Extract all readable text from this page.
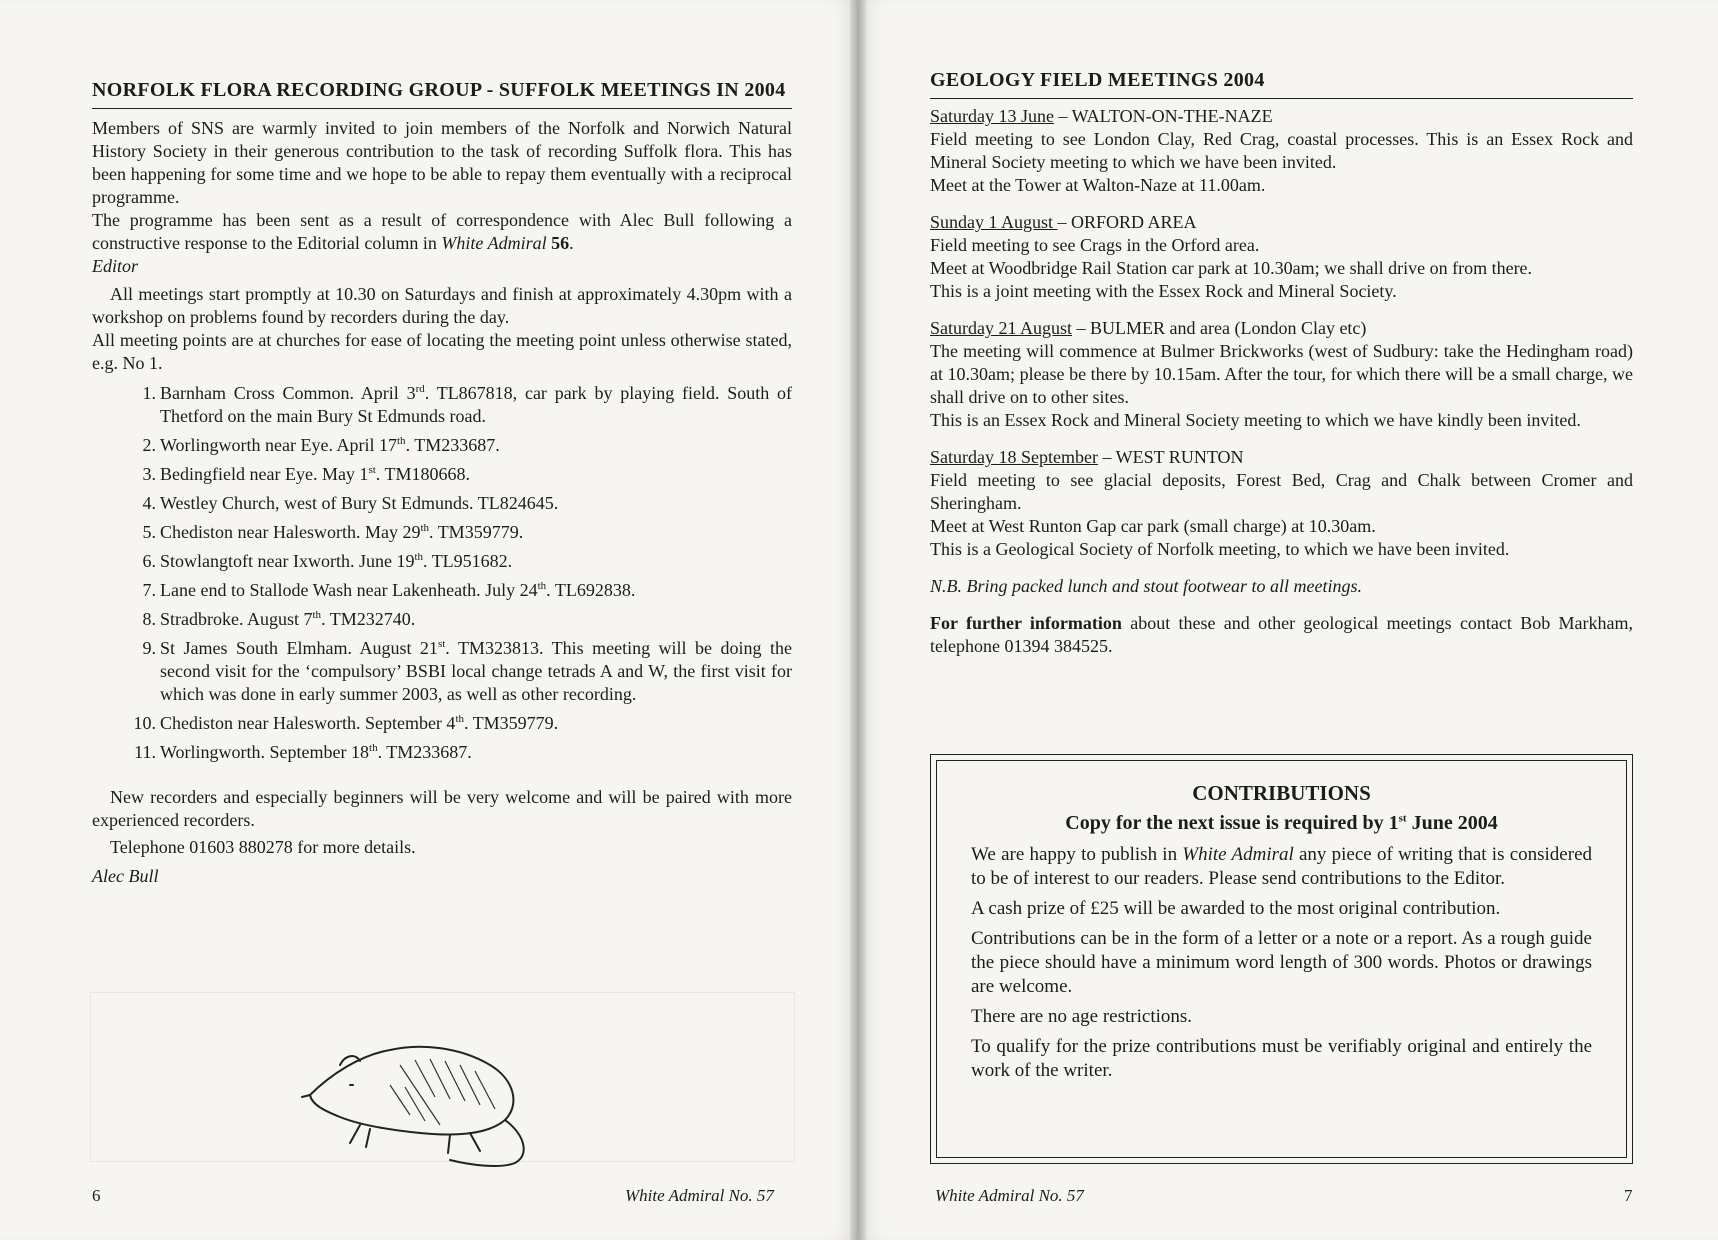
NORFOLK FLORA RECORDING GROUP - SUFFOLK MEETINGS IN 2004

Members of SNS are warmly invited to join members of the Norfolk and Norwich Natural History Society in their generous contribution to the task of recording Suffolk flora. This has been happening for some time and we hope to be able to repay them eventually with a reciprocal programme.

The programme has been sent as a result of correspondence with Alec Bull following a constructive response to the Editorial column in White Admiral 56.

Editor

All meetings start promptly at 10.30 on Saturdays and finish at approximately 4.30pm with a workshop on problems found by recorders during the day.

All meeting points are at churches for ease of locating the meeting point unless otherwise stated, e.g. No 1.

1. Barnham Cross Common. April 3rd. TL867818, car park by playing field. South of Thetford on the main Bury St Edmunds road.
2. Worlingworth near Eye. April 17th. TM233687.
3. Bedingfield near Eye. May 1st. TM180668.
4. Westley Church, west of Bury St Edmunds. TL824645.
5. Chediston near Halesworth. May 29th. TM359779.
6. Stowlangtoft near Ixworth. June 19th. TL951682.
7. Lane end to Stallode Wash near Lakenheath. July 24th. TL692838.
8. Stradbroke. August 7th. TM232740.
9. St James South Elmham. August 21st. TM323813. This meeting will be doing the second visit for the ‘compulsory’ BSBI local change tetrads A and W, the first visit for which was done in early summer 2003, as well as other recording.
10. Chediston near Halesworth. September 4th. TM359779.
11. Worlingworth. September 18th. TM233687.

New recorders and especially beginners will be very welcome and will be paired with more experienced recorders.

Telephone 01603 880278 for more details.

Alec Bull

6	White Admiral No. 57
GEOLOGY FIELD MEETINGS 2004
Saturday 13 June – WALTON-ON-THE-NAZE

Field meeting to see London Clay, Red Crag, coastal processes. This is an Essex Rock and Mineral Society meeting to which we have been invited.

Meet at the Tower at Walton-Naze at 11.00am.

Sunday 1 August – ORFORD AREA

Field meeting to see Crags in the Orford area.

Meet at Woodbridge Rail Station car park at 10.30am; we shall drive on from there.

This is a joint meeting with the Essex Rock and Mineral Society.

Saturday 21 August – BULMER and area (London Clay etc)

The meeting will commence at Bulmer Brickworks (west of Sudbury: take the Hedingham road) at 10.30am; please be there by 10.15am. After the tour, for which there will be a small charge, we shall drive on to other sites.

This is an Essex Rock and Mineral Society meeting to which we have kindly been invited.

Saturday 18 September – WEST RUNTON

Field meeting to see glacial deposits, Forest Bed, Crag and Chalk between Cromer and Sheringham.

Meet at West Runton Gap car park (small charge) at 10.30am.

This is a Geological Society of Norfolk meeting, to which we have been invited.

N.B. Bring packed lunch and stout footwear to all meetings.

For further information about these and other geological meetings contact Bob Markham, telephone 01394 384525.

CONTRIBUTIONS
Copy for the next issue is required by 1st June 2004

We are happy to publish in White Admiral any piece of writing that is considered to be of interest to our readers. Please send contributions to the Editor.

A cash prize of £25 will be awarded to the most original contribution.

Contributions can be in the form of a letter or a note or a report. As a rough guide the piece should have a minimum word length of 300 words. Photos or drawings are welcome.

There are no age restrictions.

To qualify for the prize contributions must be verifiably original and entirely the work of the writer.

White Admiral No. 57	7
